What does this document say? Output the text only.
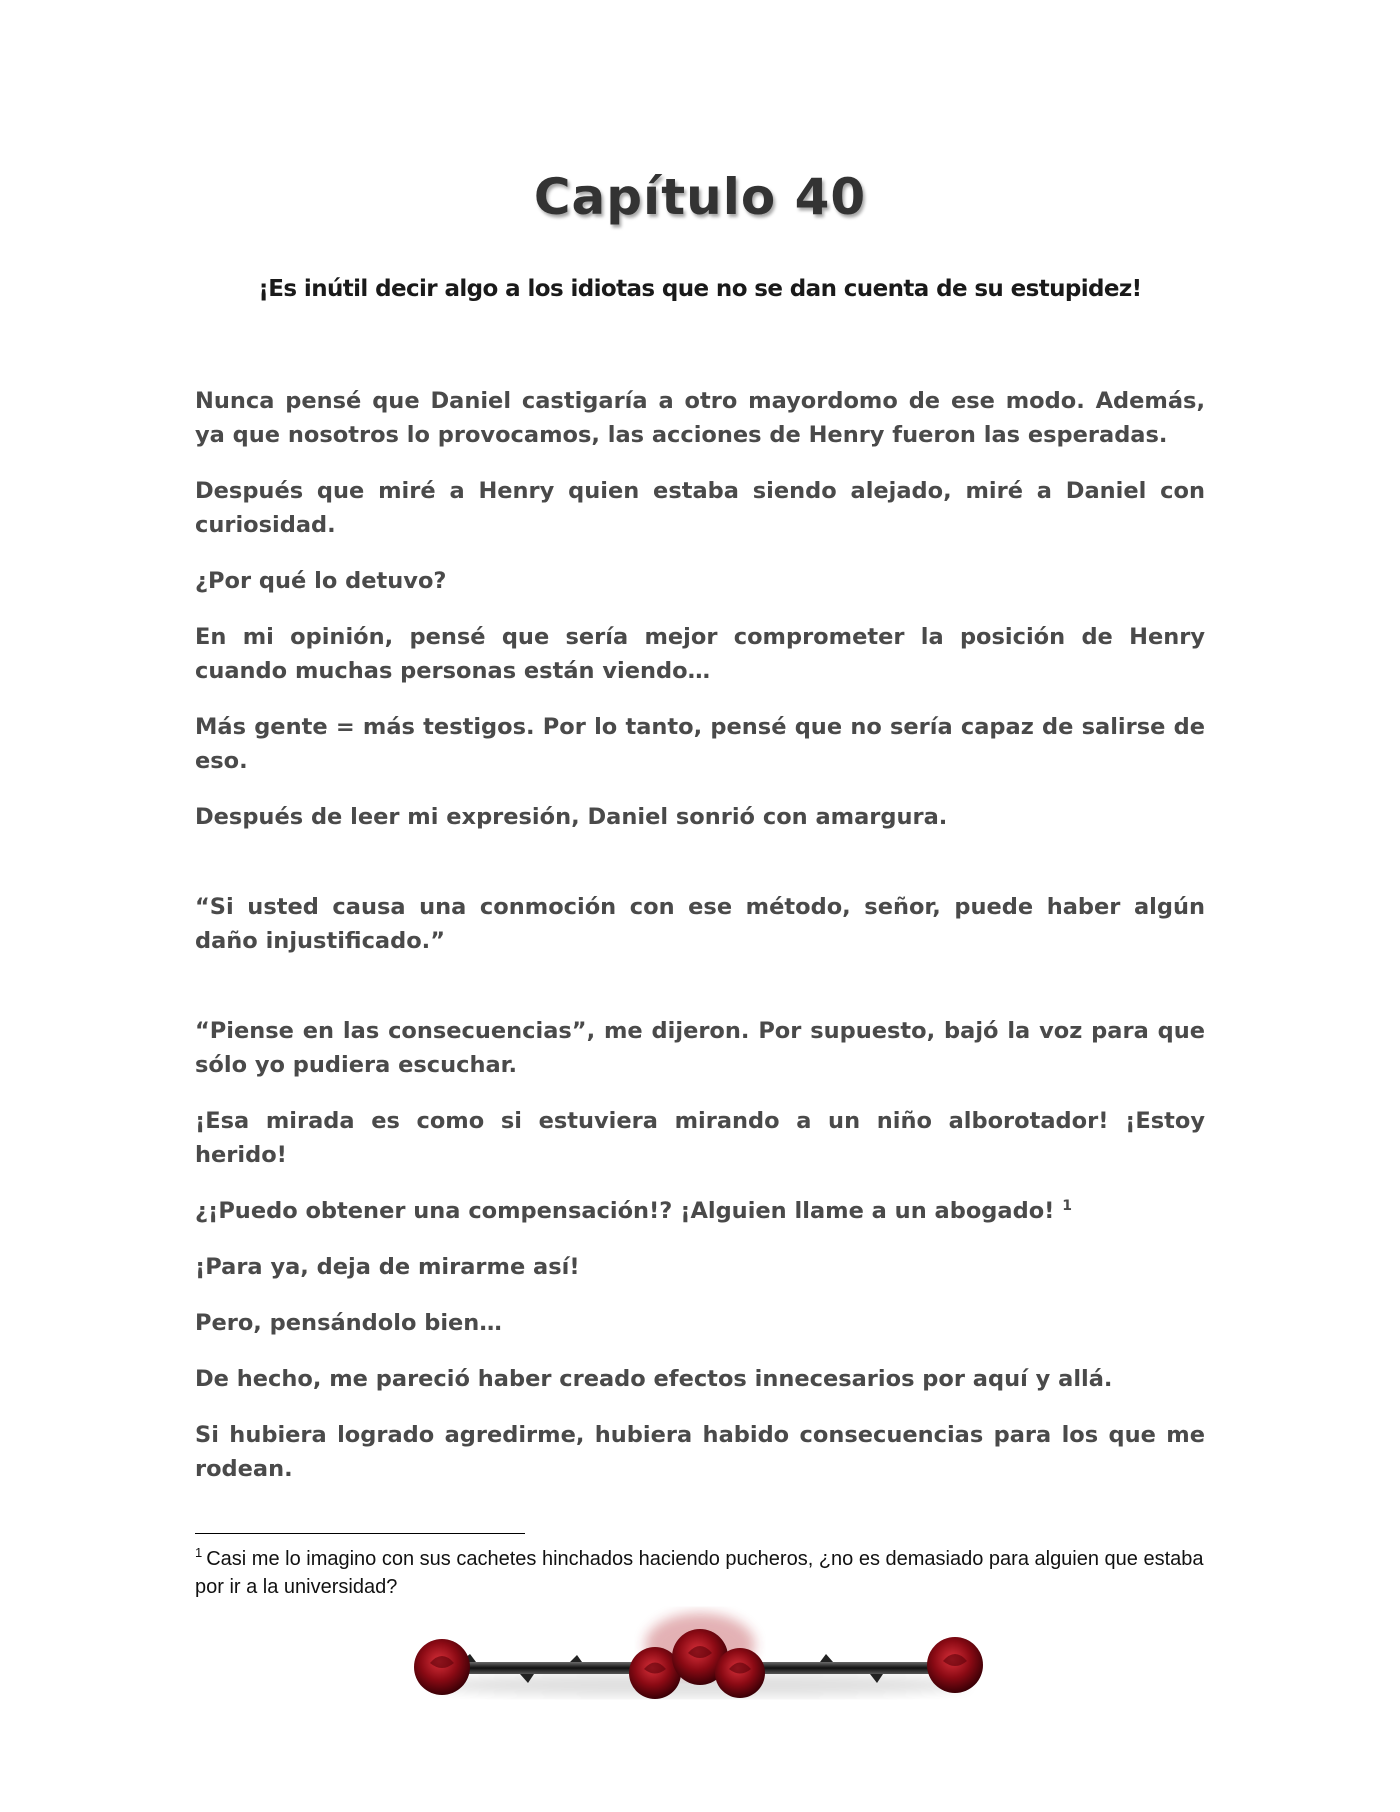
Capítulo 40
¡Es inútil decir algo a los idiotas que no se dan cuenta de su estupidez!

Nunca pensé que Daniel castigaría a otro mayordomo de ese modo. Además, ya que nosotros lo provocamos, las acciones de Henry fueron las esperadas.

Después que miré a Henry quien estaba siendo alejado, miré a Daniel con curiosidad.

¿Por qué lo detuvo?

En mi opinión, pensé que sería mejor comprometer la posición de Henry cuando muchas personas están viendo…

Más gente = más testigos. Por lo tanto, pensé que no sería capaz de salirse de eso.

Después de leer mi expresión, Daniel sonrió con amargura.

“Si usted causa una conmoción con ese método, señor, puede haber algún daño injustificado.”

“Piense en las consecuencias”, me dijeron. Por supuesto, bajó la voz para que sólo yo pudiera escuchar.

¡Esa mirada es como si estuviera mirando a un niño alborotador! ¡Estoy herido!

¿¡Puedo obtener una compensación!? ¡Alguien llame a un abogado! $^1$

¡Para ya, deja de mirarme así!

Pero, pensándolo bien…

De hecho, me pareció haber creado efectos innecesarios por aquí y allá.

Si hubiera logrado agredirme, hubiera habido consecuencias para los que me rodean.

$^1$ Casi me lo imagino con sus cachetes hinchados haciendo pucheros, ¿no es demasiado para alguien que estaba por ir a la universidad?
